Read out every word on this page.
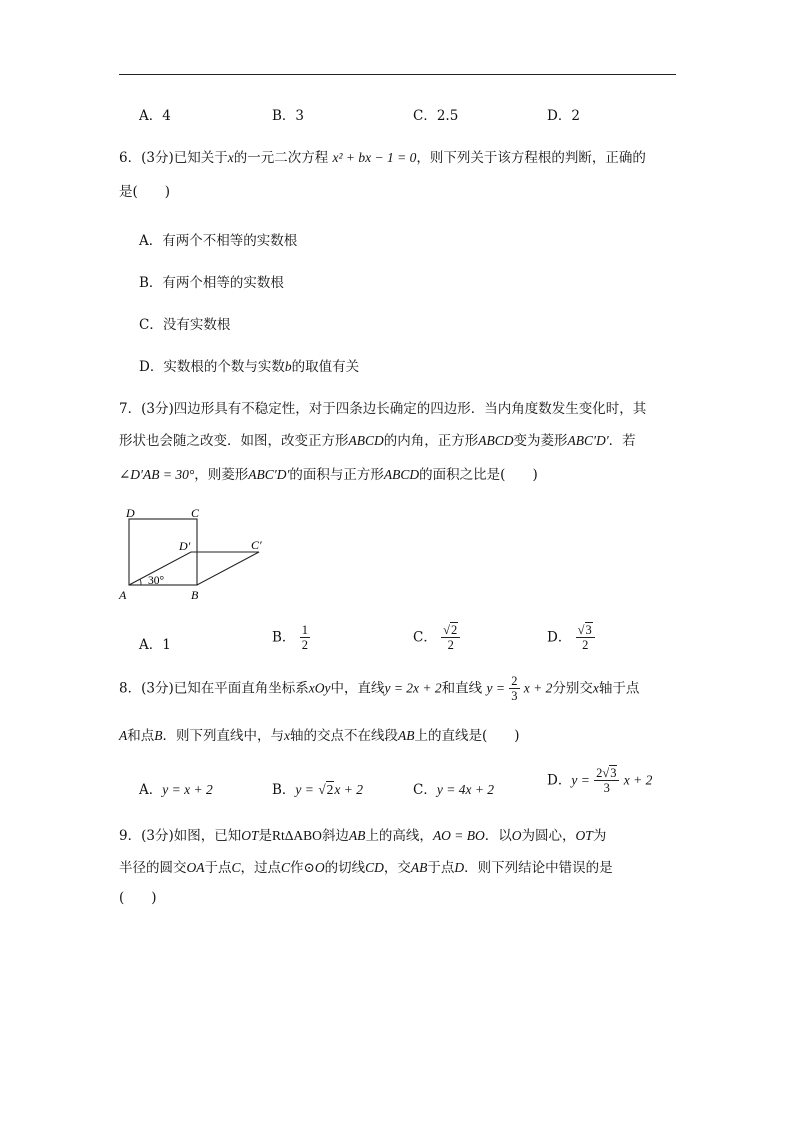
A．4	B．3	C．2.5	D．2
6．(3分)已知关于x的一元二次方程 x² + bx − 1 = 0，则下列关于该方程根的判断，正确的
是(　　)
A．有两个不相等的实数根
B．有两个相等的实数根
C．没有实数根
D．实数根的个数与实数b的取值有关
7．(3分)四边形具有不稳定性，对于四条边长确定的四边形．当内角度数发生变化时，其
形状也会随之改变．如图，改变正方形ABCD的内角，正方形ABCD变为菱形ABC′D′．若
∠D′AB = 30°，则菱形ABC′D′的面积与正方形ABCD的面积之比是(　　)
D	C
D′	C′
A	B
30°
A．1	B． $\frac{1}{2}$	C． $\frac{√2}{2}$	D． $\frac{√3}{2}$
8．(3分)已知在平面直角坐标系xOy中，直线y = 2x + 2和直线 $y = \frac{2}{3}$ x + 2分别交x轴于点
A和点B．则下列直线中，与x轴的交点不在线段AB上的直线是(　　)
A．y = x + 2	B．y = √2x + 2	C．y = 4x + 2
D．$y = \frac{2√3}{3}$ x + 2
9．(3分)如图，已知OT是RtΔABO斜边AB上的高线，AO = BO．以O为圆心，OT为
半径的圆交OA于点C，过点C作⊙O的切线CD，交AB于点D．则下列结论中错误的是
(　　)
